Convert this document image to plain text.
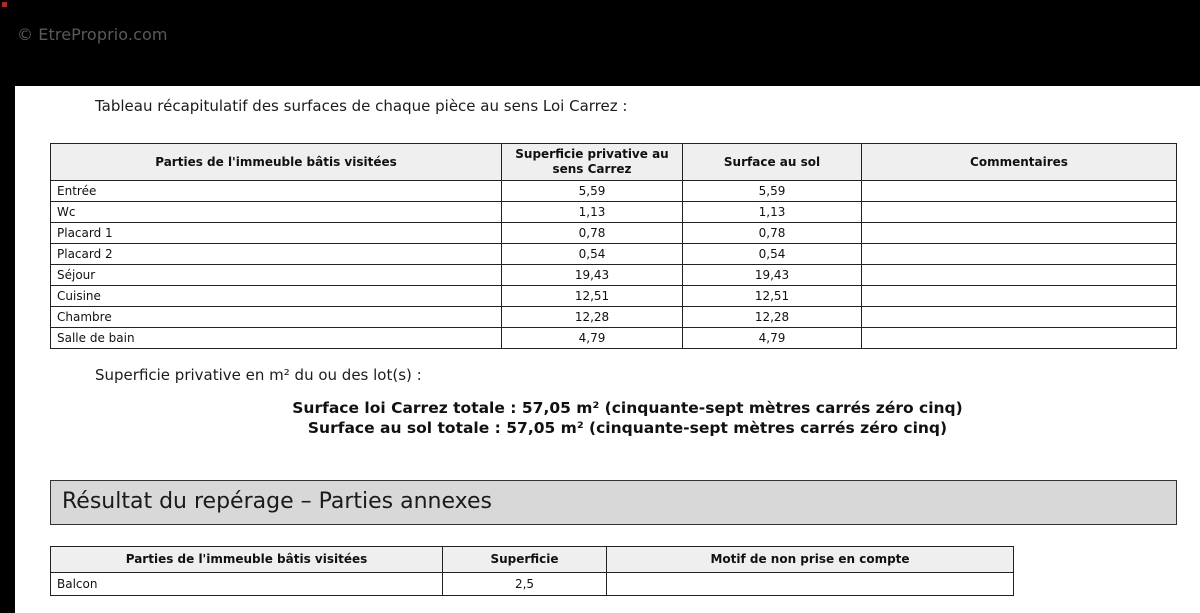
© EtreProprio.com
Tableau récapitulatif des surfaces de chaque pièce au sens Loi Carrez :
Parties de l'immeuble bâtis visitées	Superficie privative au sens Carrez	Surface au sol	Commentaires
Entrée	5,59	5,59	
Wc	1,13	1,13	
Placard 1	0,78	0,78	
Placard 2	0,54	0,54	
Séjour	19,43	19,43	
Cuisine	12,51	12,51	
Chambre	12,28	12,28	
Salle de bain	4,79	4,79	
Superficie privative en m² du ou des lot(s) :
Surface loi Carrez totale : 57,05 m² (cinquante-sept mètres carrés zéro cinq)
Surface au sol totale : 57,05 m² (cinquante-sept mètres carrés zéro cinq)
Résultat du repérage – Parties annexes
Parties de l'immeuble bâtis visitées	Superficie	Motif de non prise en compte
Balcon	2,5	
